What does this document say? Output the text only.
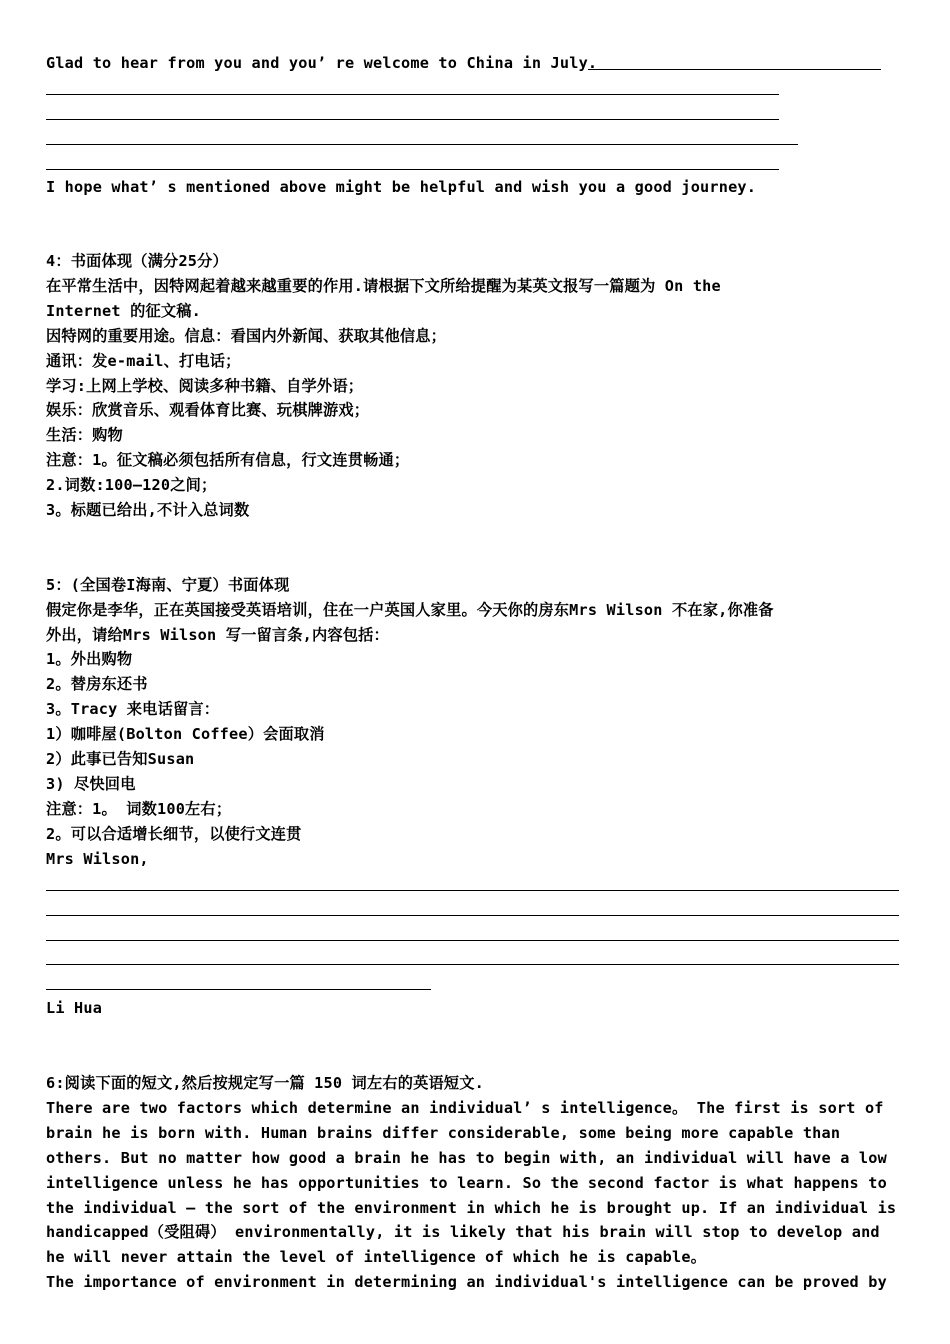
Glad to hear from you and you’ re welcome to China in July.
I hope what’ s mentioned above might be helpful and wish you a good journey.
4：书面体现（满分25分）
在平常生活中，因特网起着越来越重要的作用.请根据下文所给提醒为某英文报写一篇题为 On the
Internet 的征文稿.
因特网的重要用途。信息：看国内外新闻、获取其他信息；
通讯：发e-mail、打电话；
学习:上网上学校、阅读多种书籍、自学外语；
娱乐：欣赏音乐、观看体育比赛、玩棋牌游戏；
生活：购物
注意：1。征文稿必须包括所有信息，行文连贯畅通；
2.词数:100—120之间；
3。标题已给出,不计入总词数
5：(全国卷I海南、宁夏）书面体现
假定你是李华，正在英国接受英语培训，住在一户英国人家里。今天你的房东Mrs Wilson 不在家,你准备
外出，请给Mrs Wilson 写一留言条,内容包括：
1。外出购物
2。替房东还书
3。Tracy 来电话留言：
1）咖啡屋(Bolton Coffee）会面取消
2）此事已告知Susan
3) 尽快回电
注意：1。 词数100左右；
2。可以合适增长细节，以使行文连贯
Mrs Wilson,
Li Hua
6:阅读下面的短文,然后按规定写一篇 150 词左右的英语短文.
There are two factors which determine an individual’ s intelligence。 The first is sort of
brain he is born with. Human brains differ considerable, some being more capable than
others. But no matter how good a brain he has to begin with, an individual will have a low
intelligence unless he has opportunities to learn. So the second factor is what happens to
the individual — the sort of the environment in which he is brought up. If an individual is
handicapped（受阻碍） environmentally, it is likely that his brain will stop to develop and
he will never attain the level of intelligence of which he is capable。
The importance of environment in determining an individual's intelligence can be proved by
